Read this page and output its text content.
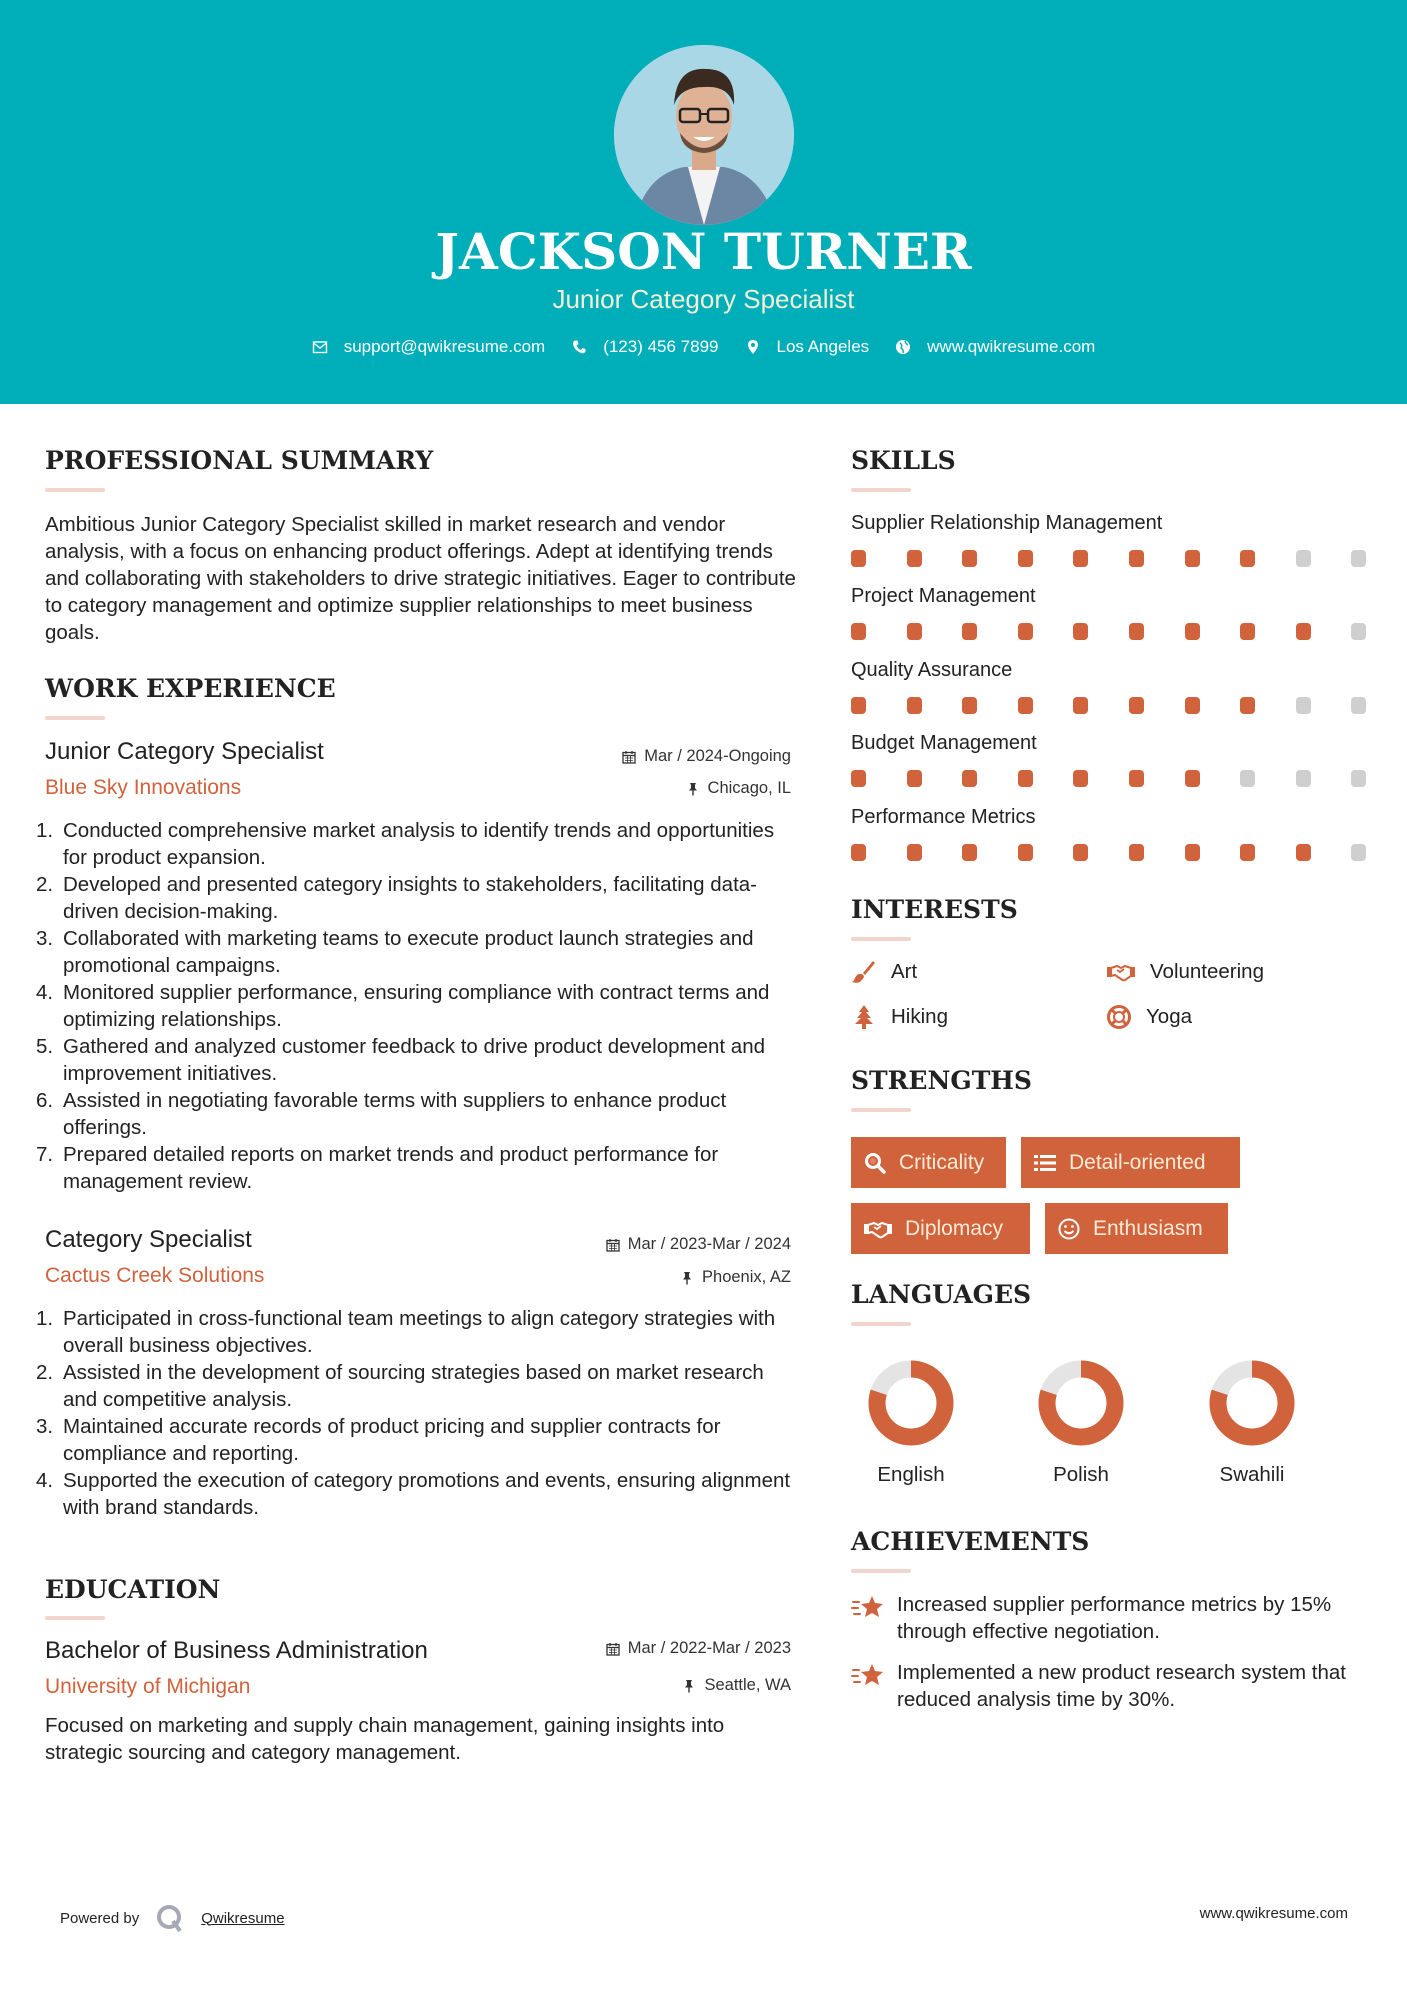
JACKSON TURNER
Junior Category Specialist
support@qwikresume.com	(123) 456 7899	Los Angeles	www.qwikresume.com
PROFESSIONAL SUMMARY
Ambitious Junior Category Specialist skilled in market research and vendor analysis, with a focus on enhancing product offerings. Adept at identifying trends and collaborating with stakeholders to drive strategic initiatives. Eager to contribute to category management and optimize supplier relationships to meet business goals.
WORK EXPERIENCE
Junior Category Specialist	Mar / 2024-Ongoing
Blue Sky Innovations	Chicago, IL
1. Conducted comprehensive market analysis to identify trends and opportunities for product expansion.
2. Developed and presented category insights to stakeholders, facilitating data-driven decision-making.
3. Collaborated with marketing teams to execute product launch strategies and promotional campaigns.
4. Monitored supplier performance, ensuring compliance with contract terms and optimizing relationships.
5. Gathered and analyzed customer feedback to drive product development and improvement initiatives.
6. Assisted in negotiating favorable terms with suppliers to enhance product offerings.
7. Prepared detailed reports on market trends and product performance for management review.
Category Specialist	Mar / 2023-Mar / 2024
Cactus Creek Solutions	Phoenix, AZ
1. Participated in cross-functional team meetings to align category strategies with overall business objectives.
2. Assisted in the development of sourcing strategies based on market research and competitive analysis.
3. Maintained accurate records of product pricing and supplier contracts for compliance and reporting.
4. Supported the execution of category promotions and events, ensuring alignment with brand standards.
EDUCATION
Bachelor of Business Administration	Mar / 2022-Mar / 2023
University of Michigan	Seattle, WA
Focused on marketing and supply chain management, gaining insights into strategic sourcing and category management.
SKILLS
Supplier Relationship Management
Project Management
Quality Assurance
Budget Management
Performance Metrics
INTERESTS
Art	Volunteering
Hiking	Yoga
STRENGTHS
Criticality	Detail-oriented
Diplomacy	Enthusiasm
LANGUAGES
English	Polish	Swahili
ACHIEVEMENTS
Increased supplier performance metrics by 15% through effective negotiation.
Implemented a new product research system that reduced analysis time by 30%.
Powered by	Qwikresume	www.qwikresume.com
